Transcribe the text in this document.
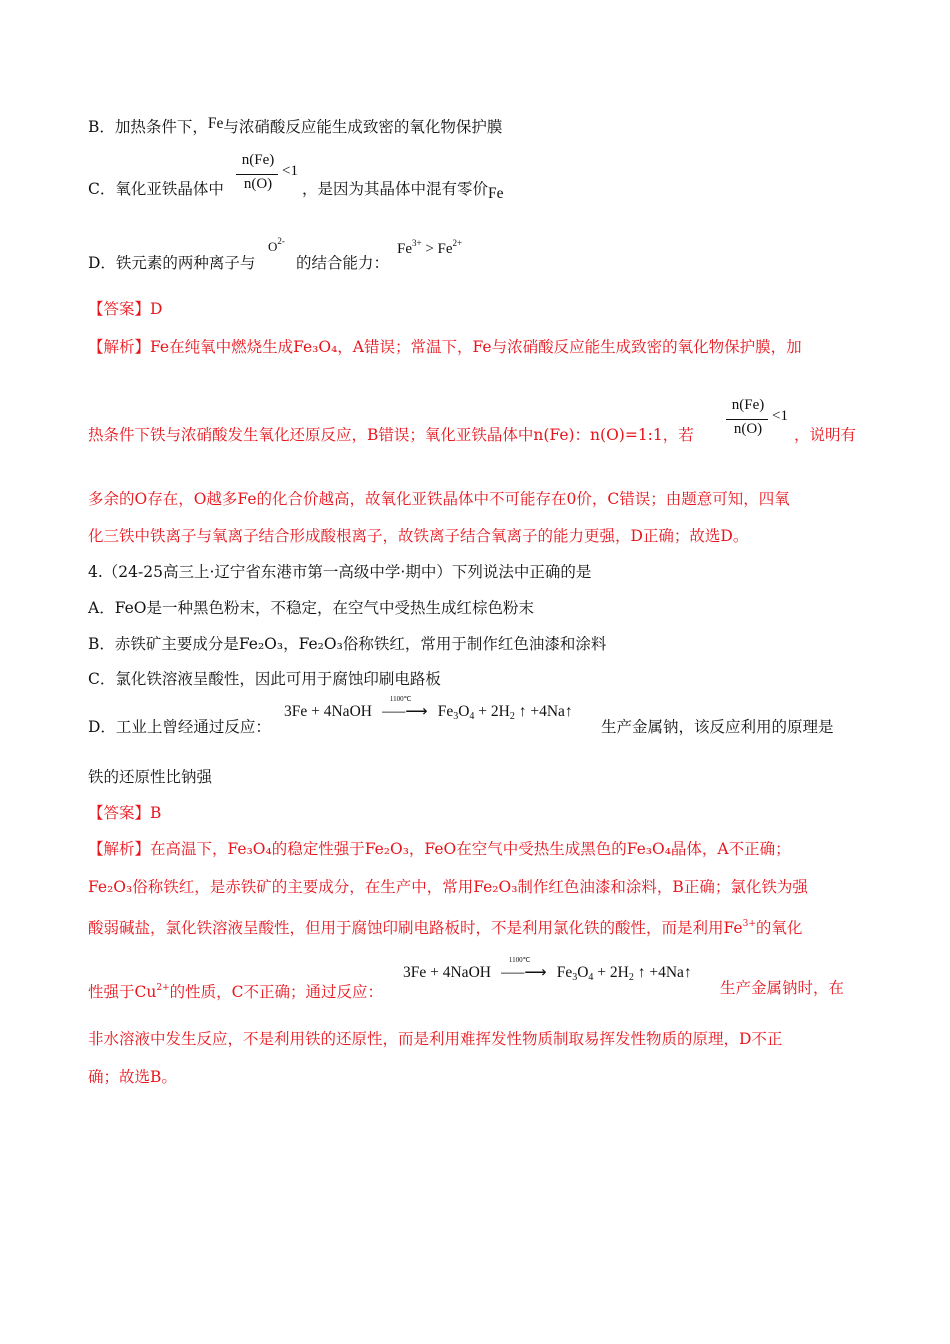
B．加热条件下，Fe与浓硝酸反应能生成致密的氧化物保护膜
n(Fe)
n(O)
<1
C．氧化亚铁晶体中	，是因为其晶体中混有零价Fe
D．铁元素的两种离子与
$O^{2-}$
的结合能力：
$Fe^{3+} > Fe^{2+}$
【答案】D
【解析】Fe在纯氧中燃烧生成Fe₃O₄，A错误；常温下，Fe与浓硝酸反应能生成致密的氧化物保护膜，加
n(Fe)
n(O)
<1
热条件下铁与浓硝酸发生氧化还原反应，B错误；氧化亚铁晶体中n(Fe)：n(O)=1:1，若	，说明有
多余的O存在，O越多Fe的化合价越高，故氧化亚铁晶体中不可能存在0价，C错误；由题意可知，四氧
化三铁中铁离子与氧离子结合形成酸根离子，故铁离子结合氧离子的能力更强，D正确；故选D。
4.（24-25高三上·辽宁省东港市第一高级中学·期中）下列说法中正确的是
A．FeO是一种黑色粉末，不稳定，在空气中受热生成红棕色粉末
B．赤铁矿主要成分是Fe₂O₃，Fe₂O₃俗称铁红，常用于制作红色油漆和涂料
C．氯化铁溶液呈酸性，因此可用于腐蚀印刷电路板
D．工业上曾经通过反应：
3Fe + 4NaOH
1100℃
–––⟶ $Fe_3O_4 + 2H_2$ ↑ +4Na↑
生产金属钠，该反应利用的原理是
铁的还原性比钠强
【答案】B
【解析】在高温下，Fe₃O₄的稳定性强于Fe₂O₃，FeO在空气中受热生成黑色的Fe₃O₄晶体，A不正确；
Fe₂O₃俗称铁红，是赤铁矿的主要成分，在生产中，常用Fe₂O₃制作红色油漆和涂料，B正确；氯化铁为强
酸弱碱盐，氯化铁溶液呈酸性，但用于腐蚀印刷电路板时，不是利用氯化铁的酸性，而是利用$Fe^{3+}$的氧化
性强于$Cu^{2+}$的性质，C不正确；通过反应：
3Fe + 4NaOH
1100℃
–––⟶ $Fe_3O_4 + 2H_2$ ↑ +4Na↑
生产金属钠时，在
非水溶液中发生反应，不是利用铁的还原性，而是利用难挥发性物质制取易挥发性物质的原理，D不正
确；故选B。
